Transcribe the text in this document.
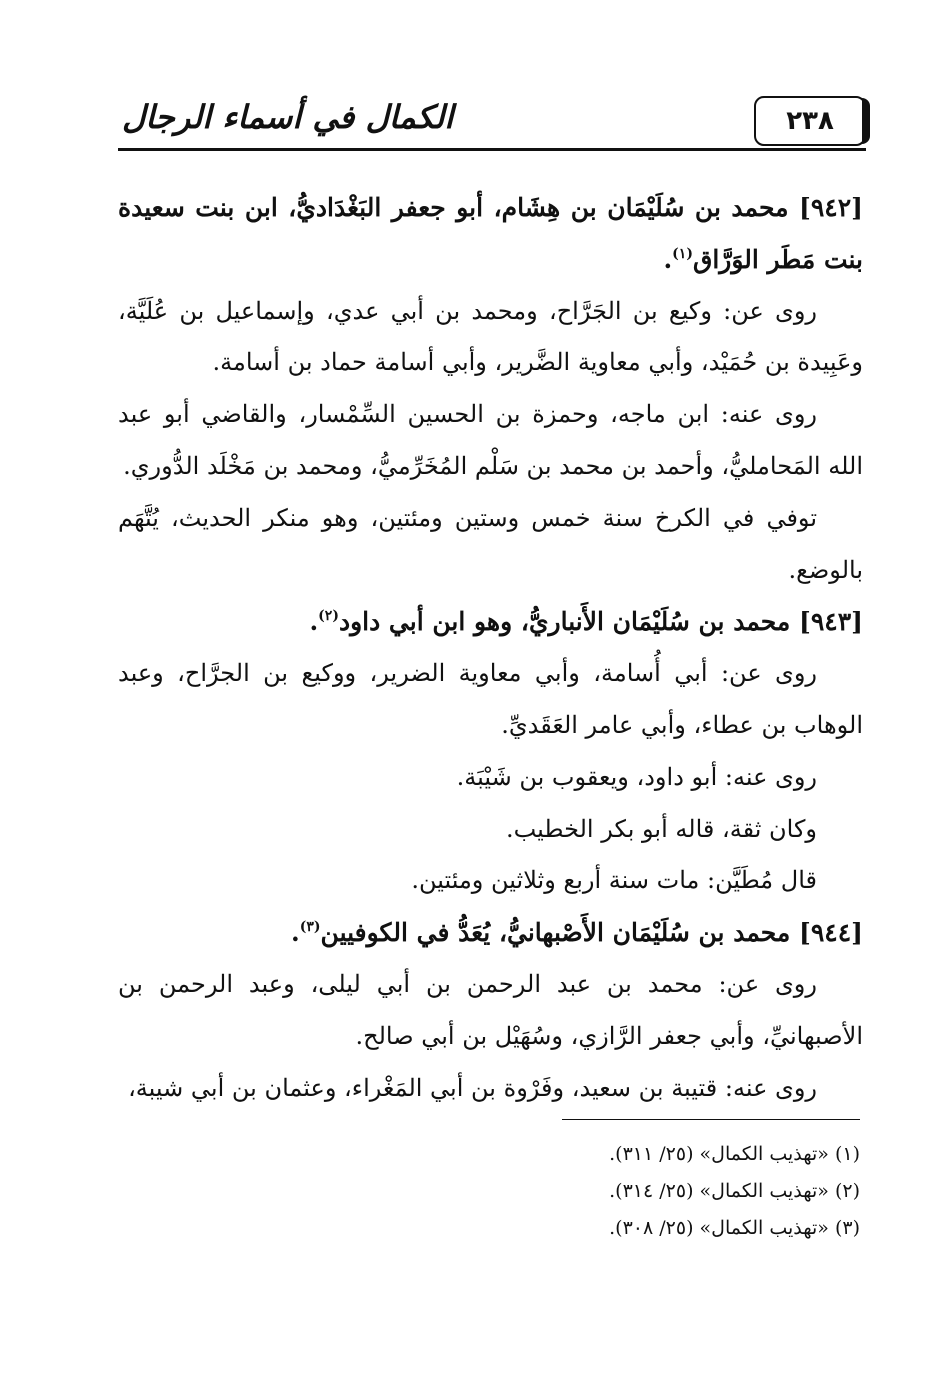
٢٣٨
الكمال في أسماء الرجال

[٩٤٢] محمد بن سُلَيْمَان بن هِشَام، أبو جعفر البَغْدَاديُّ، ابن بنت سعيدة بنت مَطَر الوَرَّاق$^{(١)}$.

روى عن: وكيع بن الجَرَّاح، ومحمد بن أبي عدي، وإسماعيل بن عُلَيَّة، وعَبِيدة بن حُمَيْد، وأبي معاوية الضَّرير، وأبي أسامة حماد بن أسامة.

روى عنه: ابن ماجه، وحمزة بن الحسين السِّمْسار، والقاضي أبو عبد الله المَحامليُّ، وأحمد بن محمد بن سَلْم المُخَرِّميُّ، ومحمد بن مَخْلَد الدُّوري.

توفي في الكرخ سنة خمس وستين ومئتين، وهو منكر الحديث، يُتَّهَم بالوضع.

[٩٤٣] محمد بن سُلَيْمَان الأَنباريُّ، وهو ابن أبي داود$^{(٢)}$.

روى عن: أبي أُسامة، وأبي معاوية الضرير، ووكيع بن الجرَّاح، وعبد الوهاب بن عطاء، وأبي عامر العَقَديِّ.

روى عنه: أبو داود، ويعقوب بن شَيْبَة.

وكان ثقة، قاله أبو بكر الخطيب.

قال مُطَيَّن: مات سنة أربع وثلاثين ومئتين.

[٩٤٤] محمد بن سُلَيْمَان الأَصْبهانيُّ، يُعَدُّ في الكوفيين$^{(٣)}$.

روى عن: محمد بن عبد الرحمن بن أبي ليلى، وعبد الرحمن بن الأصبهانيِّ، وأبي جعفر الرَّازي، وسُهَيْل بن أبي صالح.

روى عنه: قتيبة بن سعيد، وفَرْوة بن أبي المَغْراء، وعثمان بن أبي شيبة،

(١) «تهذيب الكمال» (٢٥/ ٣١١).

(٢) «تهذيب الكمال» (٢٥/ ٣١٤).

(٣) «تهذيب الكمال» (٢٥/ ٣٠٨).
